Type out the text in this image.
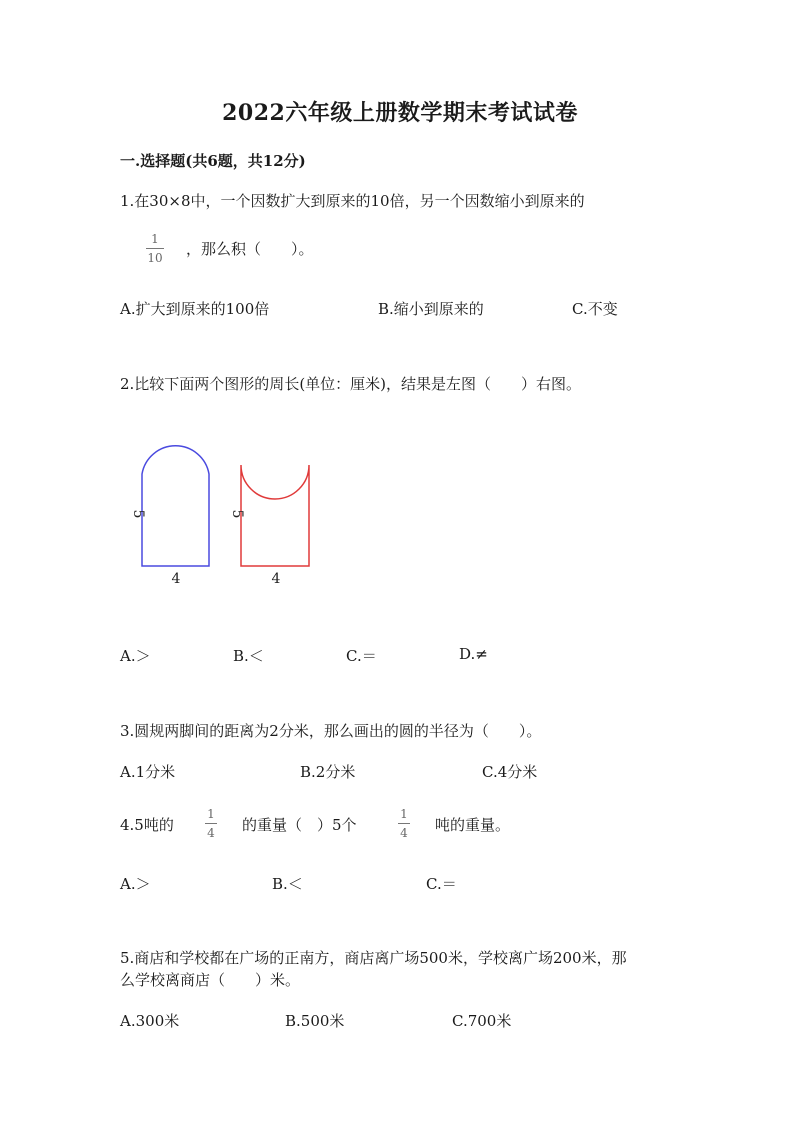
2022六年级上册数学期末考试试卷
一.选择题(共6题，共12分)
1.在30×8中，一个因数扩大到原来的10倍，另一个因数缩小到原来的
1
10 ，那么积（　　）。
A.扩大到原来的100倍	B.缩小到原来的	C.不变
2.比较下面两个图形的周长(单位：厘米)，结果是左图（　　）右图。
5
4
5
4
A.＞	B.＜	C.＝	D.≠
3.圆规两脚间的距离为2分米，那么画出的圆的半径为（　　）。
A.1分米	B.2分米	C.4分米
4.5吨的
1
4 的重量（　）5个
1
4 吨的重量。
A.＞	B.＜	C.＝
5.商店和学校都在广场的正南方，商店离广场500米，学校离广场200米，那
么学校离商店（　　）米。
A.300米	B.500米	C.700米
